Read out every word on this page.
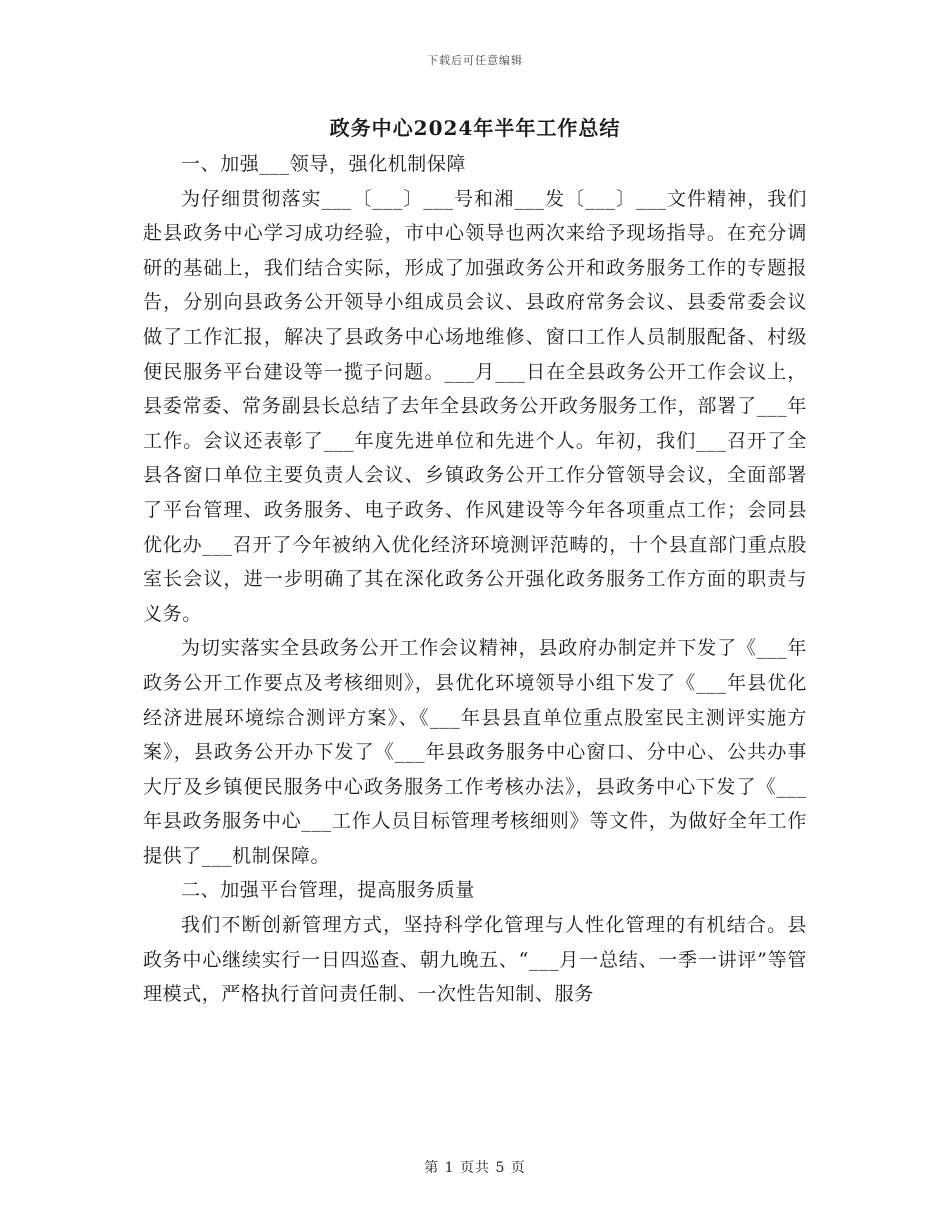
下载后可任意编辑
政务中心2024年半年工作总结

一、加强___领导，强化机制保障

为仔细贯彻落实___〔___〕___号和湘___发〔___〕___文件精神，我们赴县政务中心学习成功经验，市中心领导也两次来给予现场指导。在充分调研的基础上，我们结合实际，形成了加强政务公开和政务服务工作的专题报告，分别向县政务公开领导小组成员会议、县政府常务会议、县委常委会议做了工作汇报，解决了县政务中心场地维修、窗口工作人员制服配备、村级便民服务平台建设等一揽子问题。___月___日在全县政务公开工作会议上，县委常委、常务副县长总结了去年全县政务公开政务服务工作，部署了___年工作。会议还表彰了___年度先进单位和先进个人。年初，我们___召开了全县各窗口单位主要负责人会议、乡镇政务公开工作分管领导会议，全面部署了平台管理、政务服务、电子政务、作风建设等今年各项重点工作；会同县优化办___召开了今年被纳入优化经济环境测评范畴的，十个县直部门重点股室长会议，进一步明确了其在深化政务公开强化政务服务工作方面的职责与义务。

为切实落实全县政务公开工作会议精神，县政府办制定并下发了《___年政务公开工作要点及考核细则》，县优化环境领导小组下发了《___年县优化经济进展环境综合测评方案》、《___年县县直单位重点股室民主测评实施方案》，县政务公开办下发了《___年县政务服务中心窗口、分中心、公共办事大厅及乡镇便民服务中心政务服务工作考核办法》，县政务中心下发了《___年县政务服务中心___工作人员目标管理考核细则》等文件，为做好全年工作提供了___机制保障。

二、加强平台管理，提高服务质量

我们不断创新管理方式，坚持科学化管理与人性化管理的有机结合。县政务中心继续实行一日四巡查、朝九晚五、“___月一总结、一季一讲评”等管理模式，严格执行首问责任制、一次性告知制、服务

第 1 页共 5 页
